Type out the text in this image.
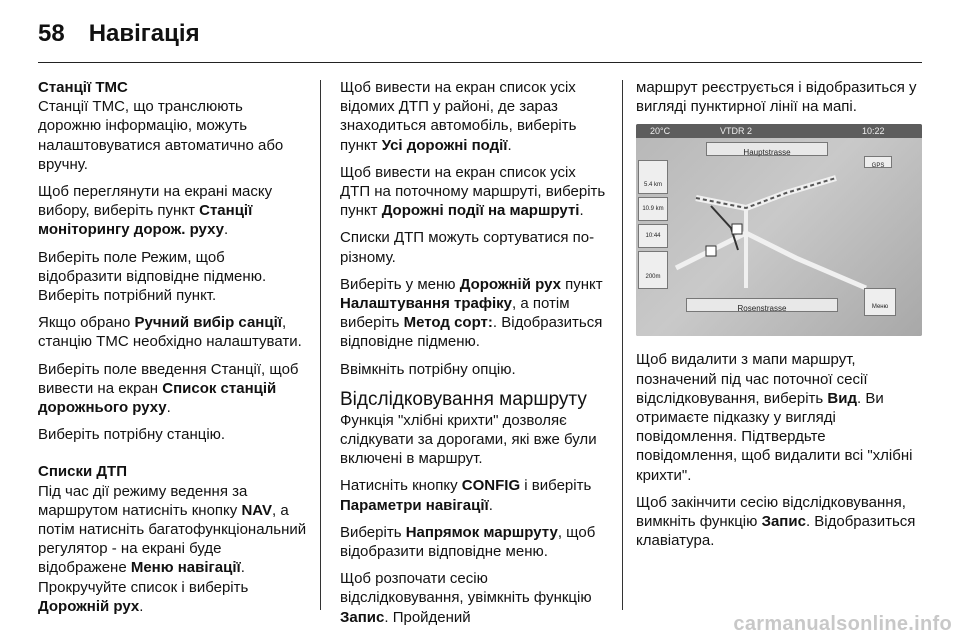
58 Навігація
Станції TMC

Станції TMC, що транслюють дорожню інформацію, можуть налаштовуватися автоматично або вручну.

Щоб переглянути на екрані маску вибору, виберіть пункт Станції моніторингу дорож. руху.

Виберіть поле Режим, щоб відобразити відповідне підменю. Виберіть потрібний пункт.

Якщо обрано Ручний вибір санції, станцію TMC необхідно налаштувати.

Виберіть поле введення Станції, щоб вивести на екран Список станцій дорожнього руху.

Виберіть потрібну станцію.

Списки ДТП

Під час дії режиму ведення за маршрутом натисніть кнопку NAV, а потім натисніть багатофункціональний регулятор - на екрані буде відображене Меню навігації. Прокручуйте список і виберіть Дорожній рух.

Щоб вивести на екран список усіх відомих ДТП у районі, де зараз знаходиться автомобіль, виберіть пункт Усі дорожні події.

Щоб вивести на екран список усіх ДТП на поточному маршруті, виберіть пункт Дорожні події на маршруті.

Списки ДТП можуть сортуватися по-різному.

Виберіть у меню Дорожній рух пункт Налаштування трафіку, а потім виберіть Метод сорт:. Відобразиться відповідне підменю.

Ввімкніть потрібну опцію.

Відслідковування маршруту

Функція "хлібні крихти" дозволяє слідкувати за дорогами, які вже були включені в маршрут.

Натисніть кнопку CONFIG і виберіть Параметри навігації.

Виберіть Напрямок маршруту, щоб відобразити відповідне меню.

Щоб розпочати сесію відслідковування, увімкніть функцію Запис. Пройдений

маршрут реєструється і відобразиться у вигляді пунктирної лінії на мапі.

20°C	VTDR 2	10:22
Hauptstrasse
GPS
Rosenstrasse	Меню
5.4 km
10.9 km
10:44
200m

Щоб видалити з мапи маршрут, позначений під час поточної сесії відслідковування, виберіть Вид. Ви отримаєте підказку у вигляді повідомлення. Підтвердьте повідомлення, щоб видалити всі "хлібні крихти".

Щоб закінчити сесію відслідковування, вимкніть функцію Запис. Відобразиться клавіатура.

carmanualsonline.info
